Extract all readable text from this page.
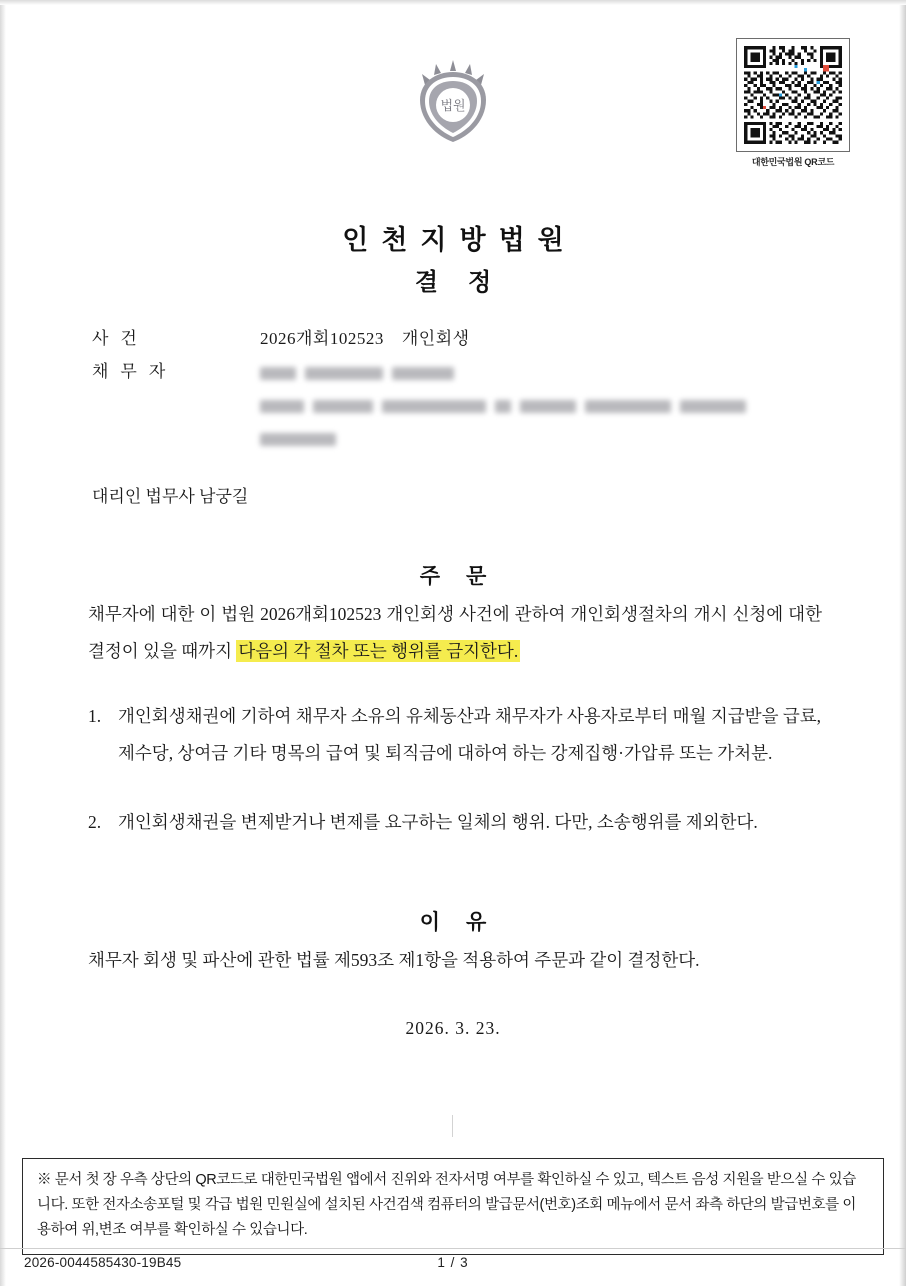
법원
대한민국법원 QR코드
인천지방법원
결정
사건	2026개회102523 개인회생
채무자
대리인 법무사 남궁길
주문
채무자에 대한 이 법원 2026개회102523 개인회생 사건에 관하여 개인회생절차의 개시 신청에 대한 결정이 있을 때까지 다음의 각 절차 또는 행위를 금지한다.
1. 개인회생채권에 기하여 채무자 소유의 유체동산과 채무자가 사용자로부터 매월 지급받을 급료, 제수당, 상여금 기타 명목의 급여 및 퇴직금에 대하여 하는 강제집행·가압류 또는 가처분.
2. 개인회생채권을 변제받거나 변제를 요구하는 일체의 행위. 다만, 소송행위를 제외한다.
이유
채무자 회생 및 파산에 관한 법률 제593조 제1항을 적용하여 주문과 같이 결정한다.
2026. 3. 23.
※ 문서 첫 장 우측 상단의 QR코드로 대한민국법원 앱에서 진위와 전자서명 여부를 확인하실 수 있고, 텍스트 음성 지원을 받으실 수 있습니다. 또한 전자소송포털 및 각급 법원 민원실에 설치된 사건검색 컴퓨터의 발급문서(번호)조회 메뉴에서 문서 좌측 하단의 발급번호를 이용하여 위,변조 여부를 확인하실 수 있습니다.
2026-0044585430-19B45	1 / 3
